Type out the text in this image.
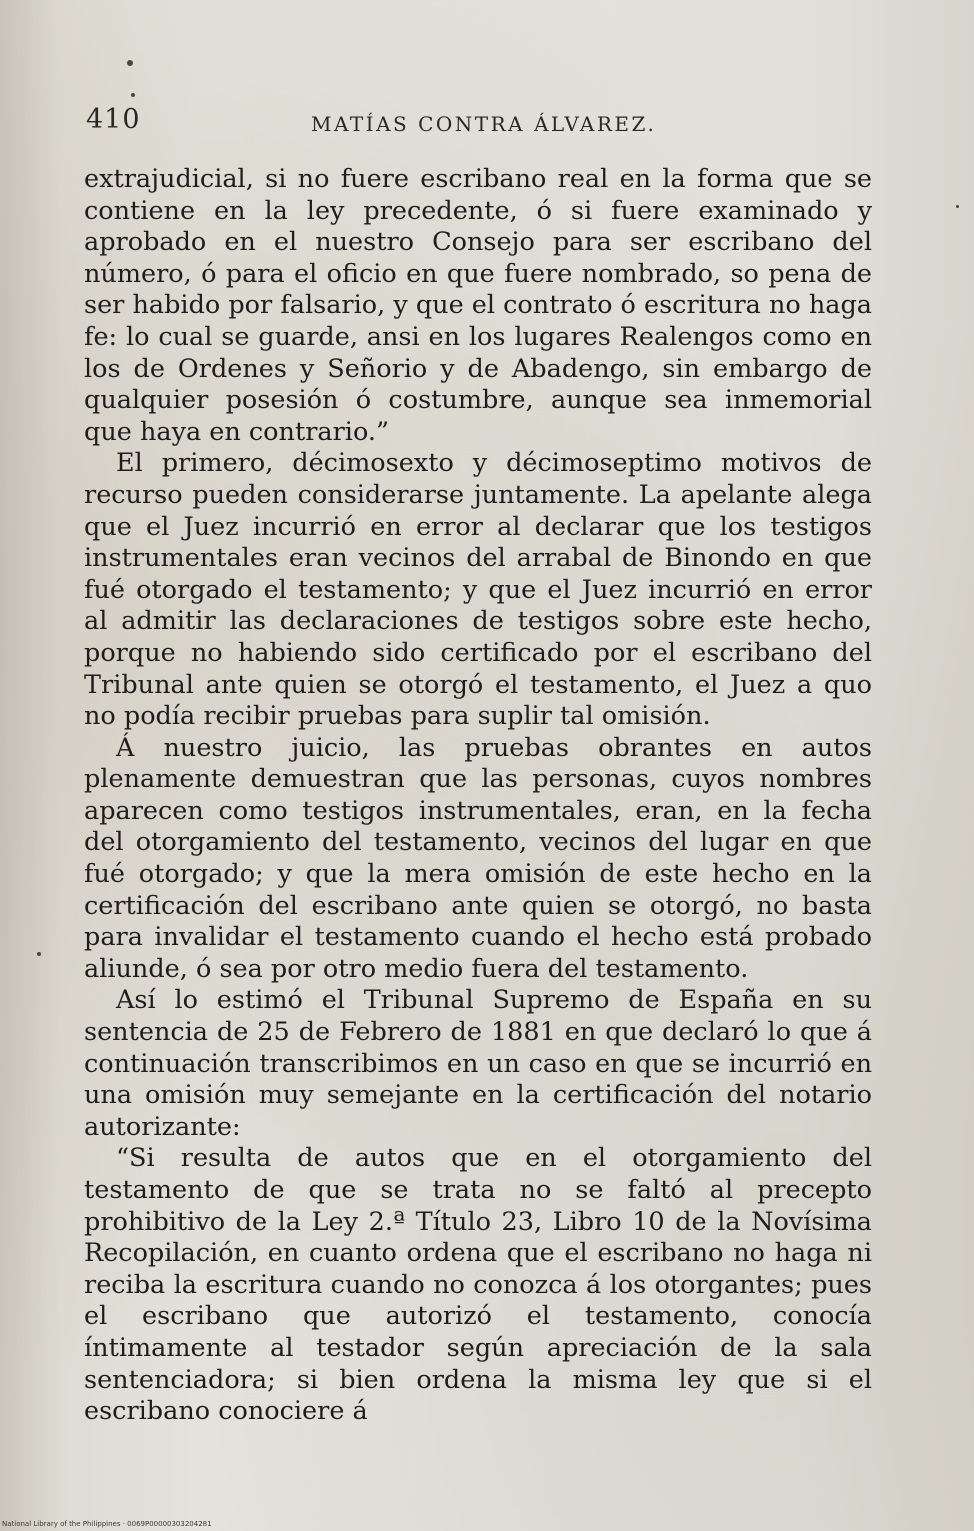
410	MATÍAS CONTRA ÁLVAREZ.

extrajudicial, si no fuere escribano real en la forma que se contiene en la ley precedente, ó si fuere examinado y aprobado en el nuestro Consejo para ser escribano del número, ó para el oficio en que fuere nombrado, so pena de ser habido por falsario, y que el contrato ó escritura no haga fe: lo cual se guarde, ansi en los lugares Realengos como en los de Ordenes y Señorio y de Abadengo, sin embargo de qualquier posesión ó costumbre, aunque sea inmemorial que haya en contrario.”

El primero, décimosexto y décimoseptimo motivos de recurso pueden considerarse juntamente. La apelante alega que el Juez incurrió en error al declarar que los testigos instrumentales eran vecinos del arrabal de Binondo en que fué otorgado el testamento; y que el Juez incurrió en error al admitir las declaraciones de testigos sobre este hecho, porque no habiendo sido certificado por el escribano del Tribunal ante quien se otorgó el testamento, el Juez a quo no podía recibir pruebas para suplir tal omisión.

Á nuestro juicio, las pruebas obrantes en autos plenamente demuestran que las personas, cuyos nombres aparecen como testigos instrumentales, eran, en la fecha del otorgamiento del testamento, vecinos del lugar en que fué otorgado; y que la mera omisión de este hecho en la certificación del escribano ante quien se otorgó, no basta para invalidar el testamento cuando el hecho está probado aliunde, ó sea por otro medio fuera del testamento.

Así lo estimó el Tribunal Supremo de España en su sentencia de 25 de Febrero de 1881 en que declaró lo que á continuación transcribimos en un caso en que se incurrió en una omisión muy semejante en la certificación del notario autorizante:

“Si resulta de autos que en el otorgamiento del testamento de que se trata no se faltó al precepto prohibitivo de la Ley 2.ª Título 23, Libro 10 de la Novísima Recopilación, en cuanto ordena que el escribano no haga ni reciba la escritura cuando no conozca á los otorgantes; pues el escribano que autorizó el testamento, conocía íntimamente al testador según apreciación de la sala sentenciadora; si bien ordena la misma ley que si el escribano conociere á

National Library of the Philippines · 0069P00000303204281
